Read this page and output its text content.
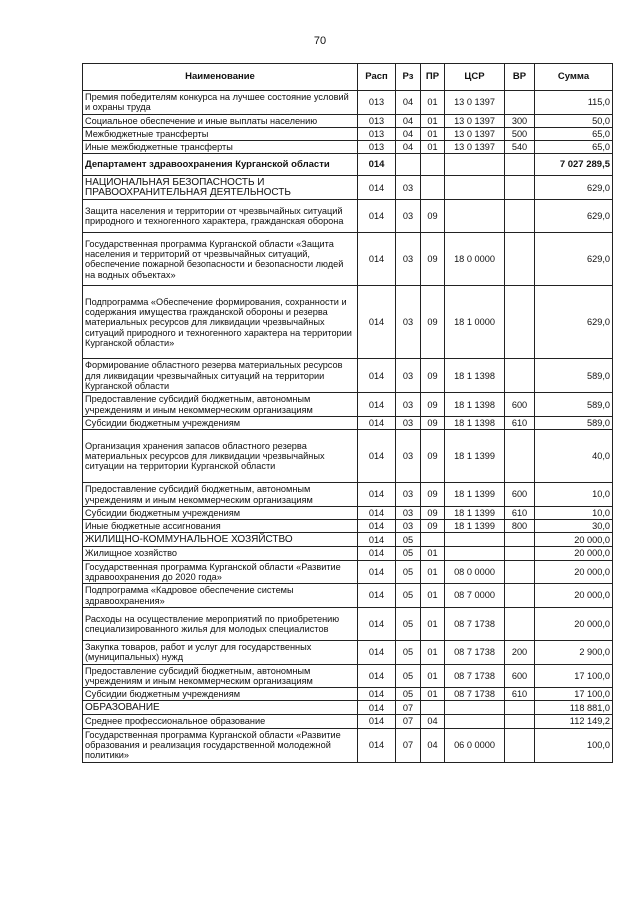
70
Наименование	Расп	Рз	ПР	ЦСР	ВР	Сумма
Премия победителям конкурса на лучшее состояние условий и охраны труда	013	04	01	13 0 1397		115,0
Социальное обеспечение и иные выплаты населению	013	04	01	13 0 1397	300	50,0
Межбюджетные трансферты	013	04	01	13 0 1397	500	65,0
Иные межбюджетные трансферты	013	04	01	13 0 1397	540	65,0
Департамент здравоохранения Курганской области	014					7 027 289,5
НАЦИОНАЛЬНАЯ БЕЗОПАСНОСТЬ И ПРАВООХРАНИТЕЛЬНАЯ ДЕЯТЕЛЬНОСТЬ	014	03				629,0
Защита населения и территории от чрезвычайных ситуаций природного и техногенного характера, гражданская оборона	014	03	09			629,0
Государственная программа Курганской области «Защита населения и территорий от чрезвычайных ситуаций, обеспечение пожарной безопасности и безопасности людей на водных объектах»	014	03	09	18 0 0000		629,0
Подпрограмма «Обеспечение формирования, сохранности и содержания имущества гражданской обороны и резерва материальных ресурсов для ликвидации чрезвычайных ситуаций природного и техногенного характера на территории Курганской области»	014	03	09	18 1 0000		629,0
Формирование областного резерва материальных ресурсов для ликвидации чрезвычайных ситуаций на территории Курганской области	014	03	09	18 1 1398		589,0
Предоставление субсидий бюджетным, автономным учреждениям и иным некоммерческим организациям	014	03	09	18 1 1398	600	589,0
Субсидии бюджетным учреждениям	014	03	09	18 1 1398	610	589,0
Организация хранения запасов областного резерва материальных ресурсов для ликвидации чрезвычайных ситуации на территории Курганской области	014	03	09	18 1 1399		40,0
Предоставление субсидий бюджетным, автономным учреждениям и иным некоммерческим организациям	014	03	09	18 1 1399	600	10,0
Субсидии бюджетным учреждениям	014	03	09	18 1 1399	610	10,0
Иные бюджетные ассигнования	014	03	09	18 1 1399	800	30,0
ЖИЛИЩНО-КОММУНАЛЬНОЕ ХОЗЯЙСТВО	014	05				20 000,0
Жилищное хозяйство	014	05	01			20 000,0
Государственная программа Курганской области «Развитие здравоохранения до 2020 года»	014	05	01	08 0 0000		20 000,0
Подпрограмма «Кадровое обеспечение системы здравоохранения»	014	05	01	08 7 0000		20 000,0
Расходы на осуществление мероприятий по приобретению специализированного жилья для молодых специалистов	014	05	01	08 7 1738		20 000,0
Закупка товаров, работ и услуг для государственных (муниципальных) нужд	014	05	01	08 7 1738	200	2 900,0
Предоставление субсидий бюджетным, автономным учреждениям и иным некоммерческим организациям	014	05	01	08 7 1738	600	17 100,0
Субсидии бюджетным учреждениям	014	05	01	08 7 1738	610	17 100,0
ОБРАЗОВАНИЕ	014	07				118 881,0
Среднее профессиональное образование	014	07	04			112 149,2
Государственная программа Курганской области «Развитие образования и реализация государственной молодежной политики»	014	07	04	06 0 0000		100,0
